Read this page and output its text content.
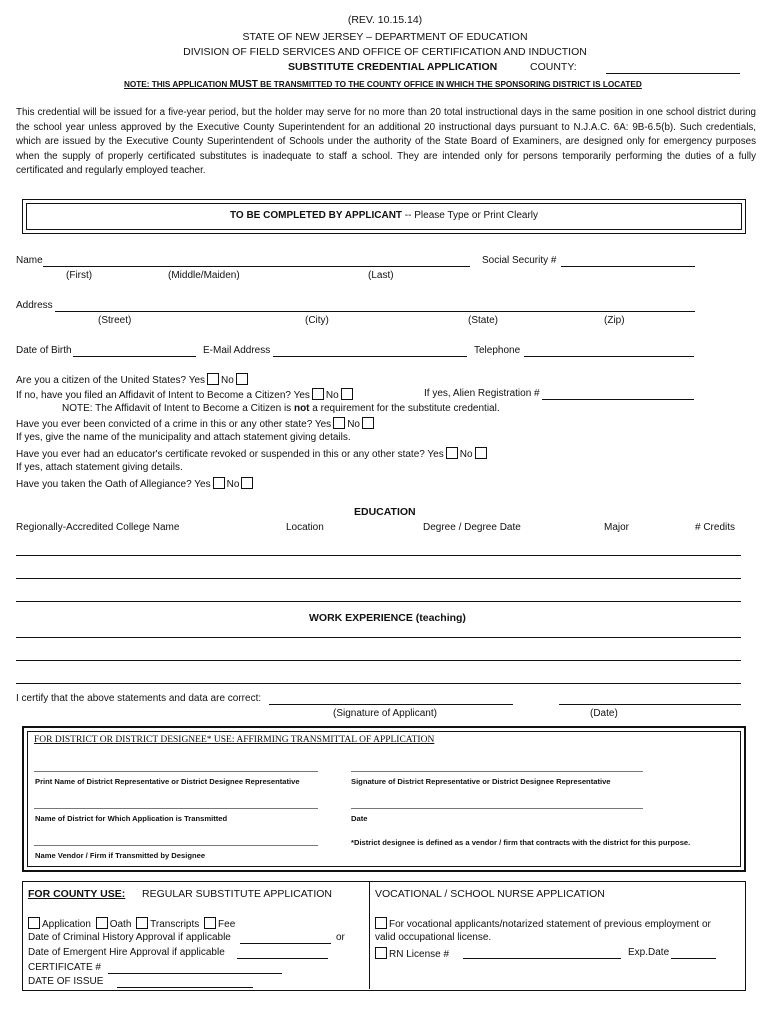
(REV. 10.15.14)
STATE OF NEW JERSEY – DEPARTMENT OF EDUCATION
DIVISION OF FIELD SERVICES AND OFFICE OF CERTIFICATION AND INDUCTION
SUBSTITUTE CREDENTIAL APPLICATION	COUNTY:
NOTE: THIS APPLICATION MUST BE TRANSMITTED TO THE COUNTY OFFICE IN WHICH THE SPONSORING DISTRICT IS LOCATED
This credential will be issued for a five-year period, but the holder may serve for no more than 20 total instructional days in the same position in one school district during the school year unless approved by the Executive County Superintendent for an additional 20 instructional days pursuant to N.J.A.C. 6A: 9B-6.5(b). Such credentials, which are issued by the Executive County Superintendent of Schools under the authority of the State Board of Examiners, are designed only for emergency purposes when the supply of properly certificated substitutes is inadequate to staff a school. They are intended only for persons temporarily performing the duties of a fully certificated and regularly employed teacher.
TO BE COMPLETED BY APPLICANT -- Please Type or Print Clearly
Name	Social Security #
(First)	(Middle/Maiden)	(Last)
Address
(Street)	(City)	(State)	(Zip)
Date of Birth	E-Mail Address	Telephone
Are you a citizen of the United States? Yes No
If no, have you filed an Affidavit of Intent to Become a Citizen? Yes No	If yes, Alien Registration #
NOTE: The Affidavit of Intent to Become a Citizen is not a requirement for the substitute credential.
Have you ever been convicted of a crime in this or any other state? Yes No
If yes, give the name of the municipality and attach statement giving details.
Have you ever had an educator's certificate revoked or suspended in this or any other state? Yes No
If yes, attach statement giving details.
Have you taken the Oath of Allegiance? Yes No
EDUCATION
Regionally-Accredited College Name	Location	Degree / Degree Date	Major	# Credits
WORK EXPERIENCE (teaching)
I certify that the above statements and data are correct:
(Signature of Applicant)	(Date)
FOR DISTRICT OR DISTRICT DESIGNEE* USE: AFFIRMING TRANSMITTAL OF APPLICATION
Print Name of District Representative or District Designee Representative	Signature of District Representative or District Designee Representative
Name of District for Which Application is Transmitted	Date
*District designee is defined as a vendor / firm that contracts with the district for this purpose.
Name Vendor / Firm if Transmitted by Designee
FOR COUNTY USE: REGULAR SUBSTITUTE APPLICATION
Application Oath Transcripts Fee
Date of Criminal History Approval if applicable	or
Date of Emergent Hire Approval if applicable
CERTIFICATE #
DATE OF ISSUE
VOCATIONAL / SCHOOL NURSE APPLICATION
For vocational applicants/notarized statement of previous employment or
valid occupational license.
RN License #	Exp.Date
